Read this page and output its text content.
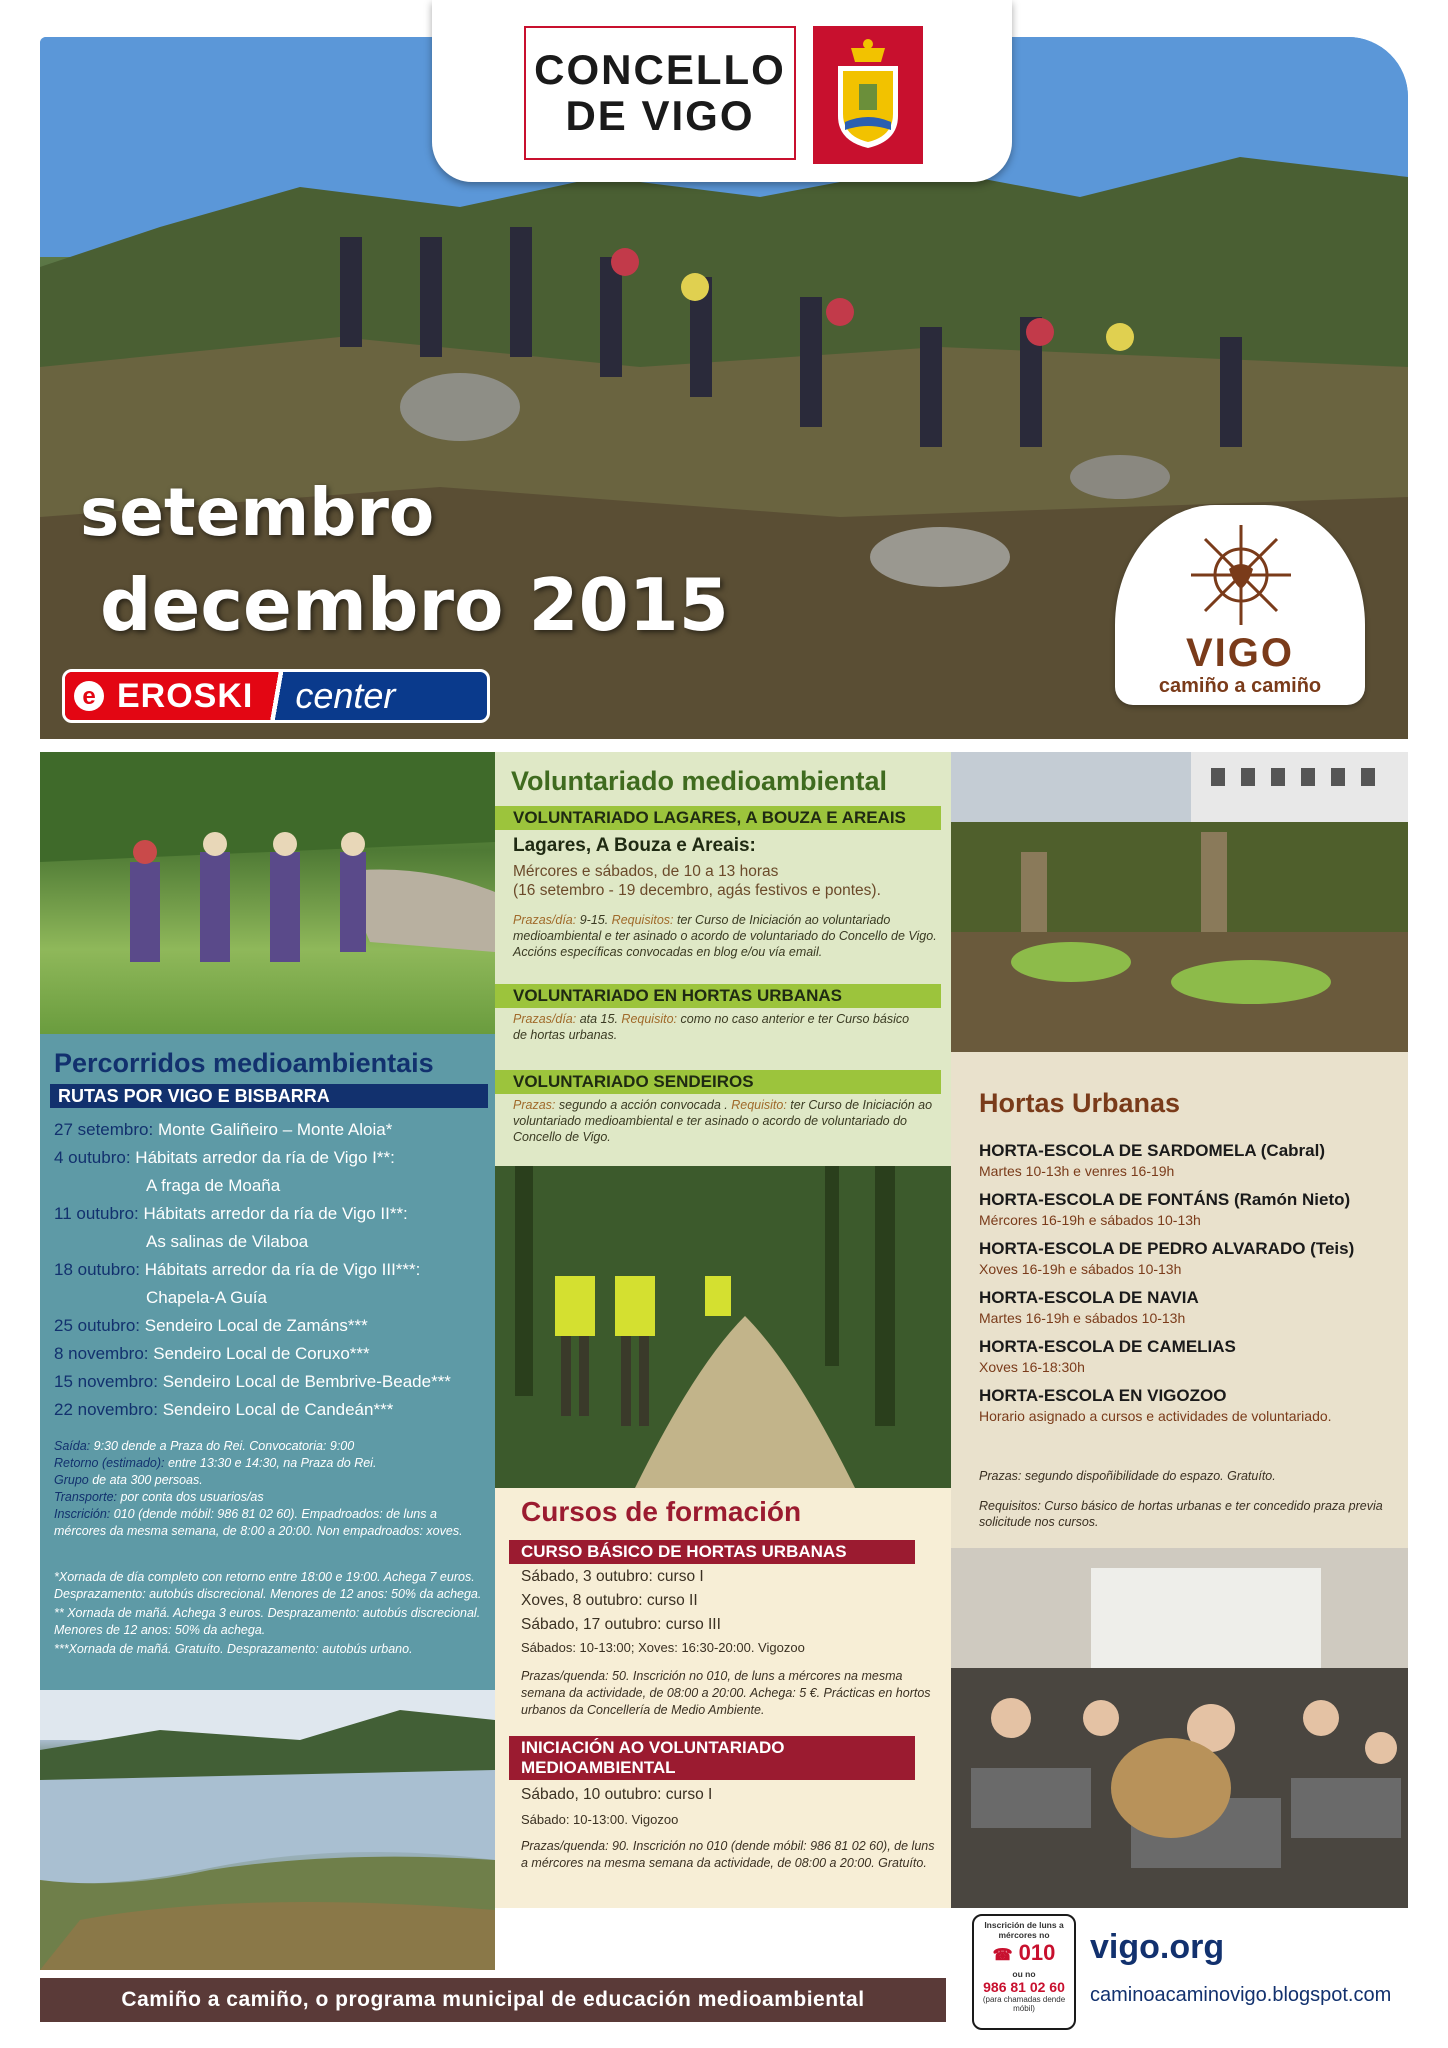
setembro
decembro 2015
CONCELLO
DE VIGO
e EROSKI	center
VIGO
camiño a camiño
Percorridos medioambientais
RUTAS POR VIGO E BISBARRA
27 setembro: Monte Galiñeiro – Monte Aloia*
4 outubro: Hábitats arredor da ría de Vigo I**:
A fraga de Moaña
11 outubro: Hábitats arredor da ría de Vigo II**:
As salinas de Vilaboa
18 outubro: Hábitats arredor da ría de Vigo III***:
Chapela-A Guía
25 outubro: Sendeiro Local de Zamáns***
8 novembro: Sendeiro Local de Coruxo***
15 novembro: Sendeiro Local de Bembrive-Beade***
22 novembro: Sendeiro Local de Candeán***
Saída: 9:30 dende a Praza do Rei. Convocatoria: 9:00
Retorno (estimado): entre 13:30 e 14:30, na Praza do Rei.
Grupo de ata 300 persoas.
Transporte: por conta dos usuarios/as
Inscrición: 010 (dende móbil: 986 81 02 60). Empadroados: de luns a mércores da mesma semana, de 8:00 a 20:00. Non empadroados: xoves.

*Xornada de día completo con retorno entre 18:00 e 19:00. Achega 7 euros. Desprazamento: autobús discrecional. Menores de 12 anos: 50% da achega.

** Xornada de mañá. Achega 3 euros. Desprazamento: autobús discrecional. Menores de 12 anos: 50% da achega.

***Xornada de mañá. Gratuíto. Desprazamento: autobús urbano.

Voluntariado medioambiental
VOLUNTARIADO LAGARES, A BOUZA E AREAIS
Lagares, A Bouza e Areais:
Mércores e sábados, de 10 a 13 horas
(16 setembro - 19 decembro, agás festivos e pontes).
Prazas/día: 9-15. Requisitos: ter Curso de Iniciación ao voluntariado medioambiental e ter asinado o acordo de voluntariado do Concello de Vigo. Accións específicas convocadas en blog e/ou vía email.
VOLUNTARIADO EN HORTAS URBANAS
Prazas/día: ata 15. Requisito: como no caso anterior e ter Curso básico
de hortas urbanas.
VOLUNTARIADO SENDEIROS
Prazas: segundo a acción convocada . Requisito: ter Curso de Iniciación ao voluntariado medioambiental e ter asinado o acordo de voluntariado do Concello de Vigo.
Hortas Urbanas
HORTA-ESCOLA DE SARDOMELA (Cabral)
Martes 10-13h e venres 16-19h
HORTA-ESCOLA DE FONTÁNS (Ramón Nieto)
Mércores 16-19h e sábados 10-13h
HORTA-ESCOLA DE PEDRO ALVARADO (Teis)
Xoves 16-19h e sábados 10-13h
HORTA-ESCOLA DE NAVIA
Martes 16-19h e sábados 10-13h
HORTA-ESCOLA DE CAMELIAS
Xoves 16-18:30h
HORTA-ESCOLA EN VIGOZOO
Horario asignado a cursos e actividades de voluntariado.
Prazas: segundo dispoñibilidade do espazo. Gratuíto.
Requisitos: Curso básico de hortas urbanas e ter concedido praza previa solicitude nos cursos.
Cursos de formación
CURSO BÁSICO DE HORTAS URBANAS
Sábado, 3 outubro: curso I
Xoves, 8 outubro: curso II
Sábado, 17 outubro: curso III
Sábados: 10-13:00; Xoves: 16:30-20:00. Vigozoo
Prazas/quenda: 50. Inscrición no 010, de luns a mércores na mesma semana da actividade, de 08:00 a 20:00. Achega: 5 €. Prácticas en hortos urbanos da Concellería de Medio Ambiente.
INICIACIÓN AO VOLUNTARIADO
MEDIOAMBIENTAL
Sábado, 10 outubro: curso I
Sábado: 10-13:00. Vigozoo
Prazas/quenda: 90. Inscrición no 010 (dende móbil: 986 81 02 60), de luns a mércores na mesma semana da actividade, de 08:00 a 20:00. Gratuíto.
Camiño a camiño, o programa municipal de educación medioambiental
Inscrición de luns a mércores no
☎ 010
ou no
986 81 02 60
(para chamadas dende móbil)
vigo.org
caminoacaminovigo.blogspot.com
